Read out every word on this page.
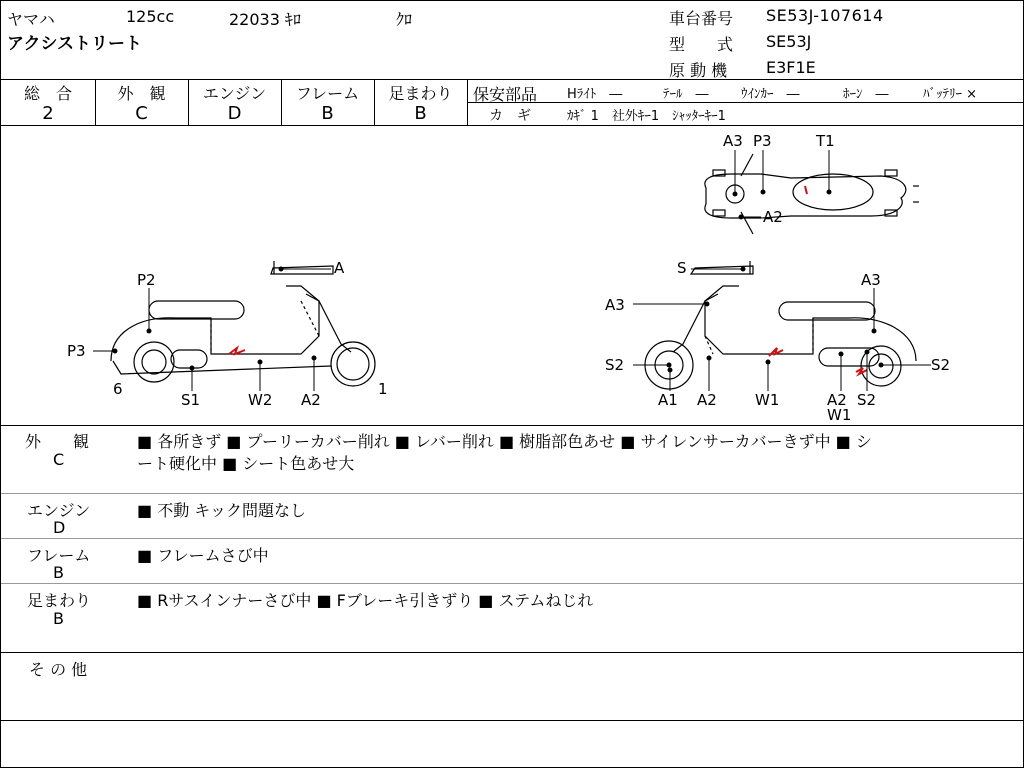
ヤマハ	125cc	22033 ｷﾛ	ｸﾛ
アクシストリート
車台番号 SE53J-107614
型　　式 SE53J
原 動 機 E3F1E
総　合
2
外　観
C
エンジン
D
フレーム
B
足まわり
B
保安部品 Hﾗｲﾄ　―	ﾃｰﾙ　― ｳｲﾝｶｰ　―	ﾎｰﾝ　―	ﾊﾞｯﾃﾘｰ ×
カ　ギ	ｶｷﾞ 1　社外ｷｰ1　ｼｬｯﾀｰｷｰ1
A3 P3	T1
A2
A
P2
P3
6
S1	W2 A2
1
S
A3
A3
S2	S2
A1 A2	W1	A2
W1
S2
外　　観
C
■ 各所きず ■ プーリーカバー削れ ■ レバー削れ ■ 樹脂部色あせ ■ サイレンサーカバーきず中 ■ シ
ート硬化中 ■ シート色あせ大
エンジン
D
■ 不動 キック問題なし
フレーム
B
■ フレームさび中
足まわり
B
■ Rサスインナーさび中 ■ Fブレーキ引きずり ■ ステムねじれ
そ の 他
